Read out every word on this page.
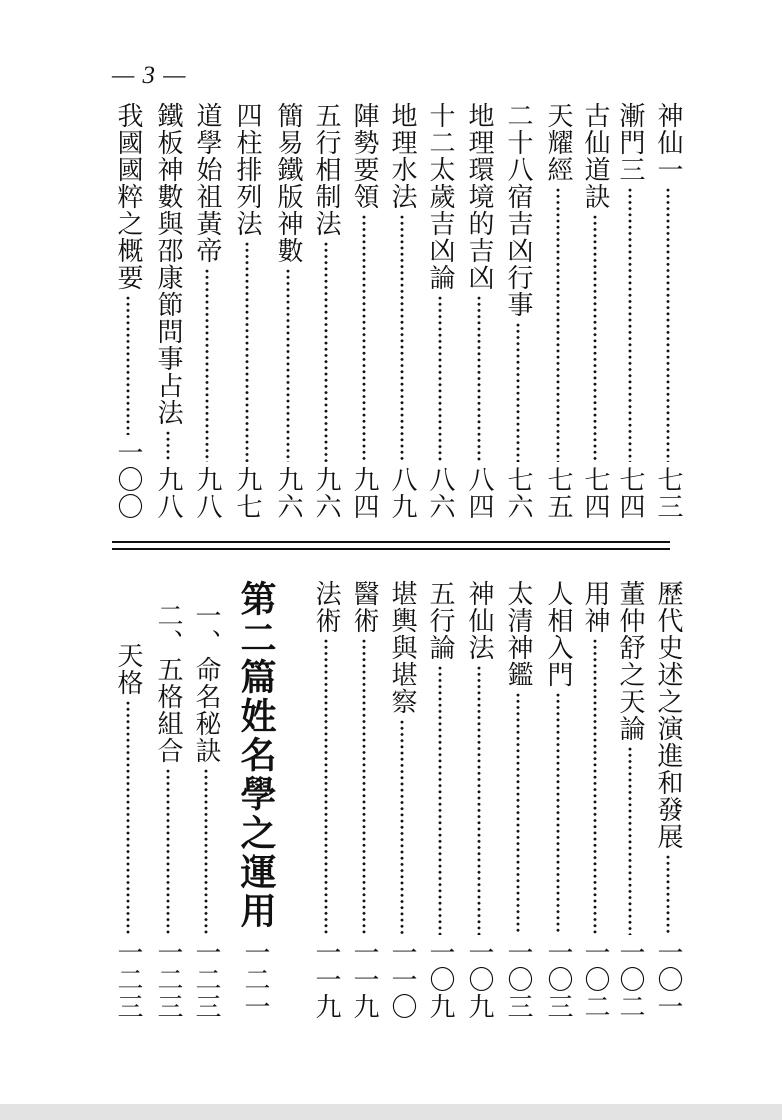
— 3 —
神仙一
七三
漸門三
七四
古仙道訣
七四
天耀經
七五
二十八宿吉凶行事
七六
地理環境的吉凶
八四
十二太歲吉凶論
八六
地理水法
八九
陣勢要領
九四
五行相制法
九六
簡易鐵版神數
九六
四柱排列法
九七
道學始祖黃帝
九八
鐵板神數與邵康節問事占法
九八
我國國粹之概要
一〇〇
歷代史述之演進和發展
一〇一
董仲舒之天論
一〇二
用神
一〇二
人相入門
一〇三
太清神鑑
一〇三
神仙法
一〇九
五行論
一〇九
堪輿與堪察
一一〇
醫術
一一九
法術
一一九
第二篇
姓名學之運用
一二一
一、命名秘訣
一二三
二、五格組合
一二三
天格
一二三
